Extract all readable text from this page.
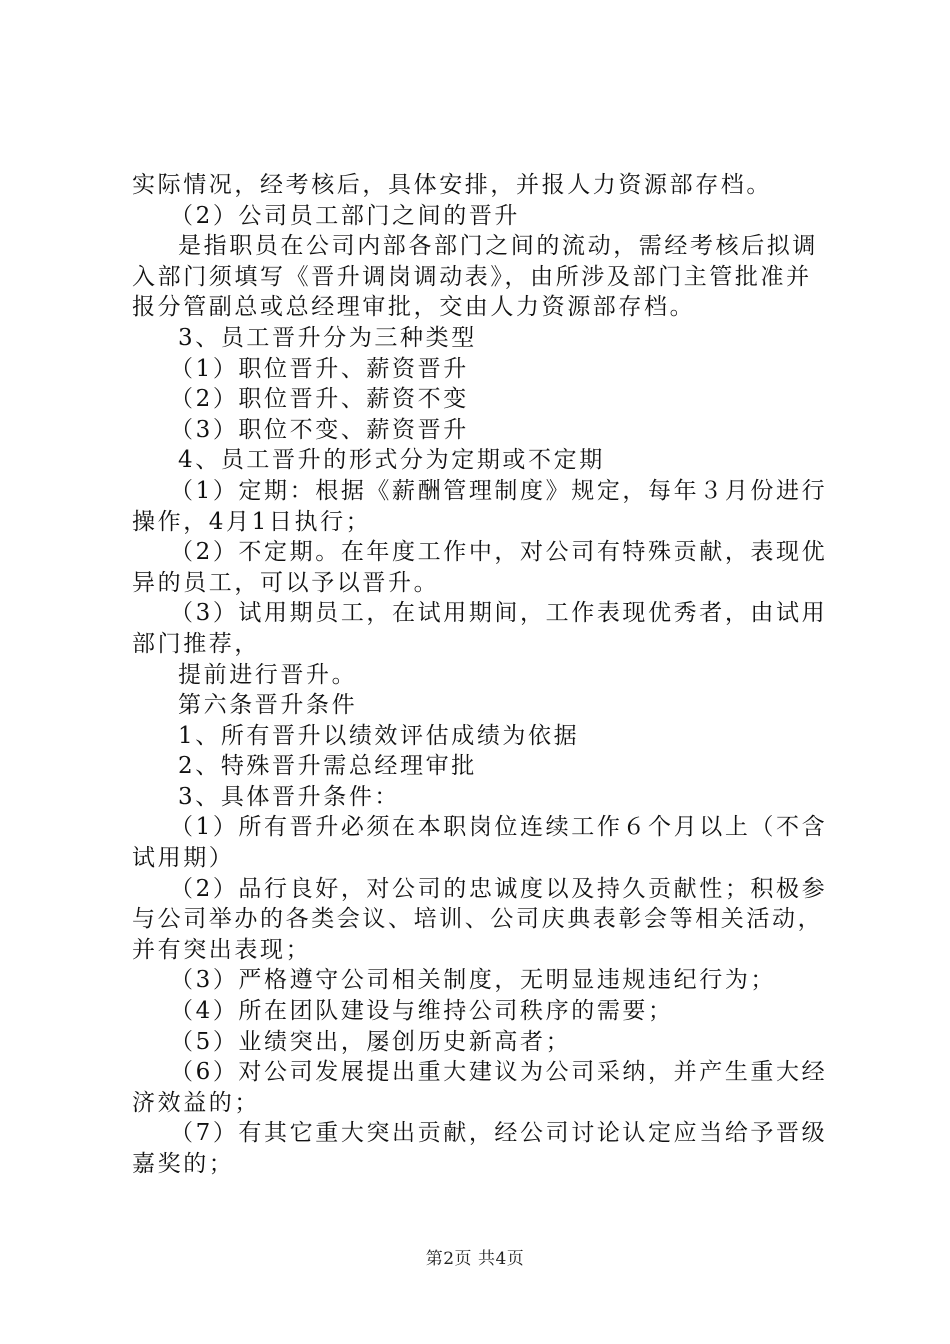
实际情况，经考核后，具体安排，并报人力资源部存档。
（2）公司员工部门之间的晋升
是指职员在公司内部各部门之间的流动，需经考核后拟调
入部门须填写《晋升调岗调动表》，由所涉及部门主管批准并
报分管副总或总经理审批，交由人力资源部存档。
3、员工晋升分为三种类型
（1）职位晋升、薪资晋升
（2）职位晋升、薪资不变
（3）职位不变、薪资晋升
4、员工晋升的形式分为定期或不定期
（1）定期：根据《薪酬管理制度》规定，每年３月份进行
操作，4月1日执行；
（2）不定期。在年度工作中，对公司有特殊贡献，表现优
异的员工，可以予以晋升。
（3）试用期员工，在试用期间，工作表现优秀者，由试用
部门推荐，
提前进行晋升。
第六条晋升条件
1、所有晋升以绩效评估成绩为依据
2、特殊晋升需总经理审批
3、具体晋升条件：
（1）所有晋升必须在本职岗位连续工作６个月以上（不含
试用期）
（2）品行良好，对公司的忠诚度以及持久贡献性；积极参
与公司举办的各类会议、培训、公司庆典表彰会等相关活动，
并有突出表现；
（3）严格遵守公司相关制度，无明显违规违纪行为；
（4）所在团队建设与维持公司秩序的需要；
（5）业绩突出，屡创历史新高者；
（6）对公司发展提出重大建议为公司采纳，并产生重大经
济效益的；
（7）有其它重大突出贡献，经公司讨论认定应当给予晋级
嘉奖的；
第2页 共4页
